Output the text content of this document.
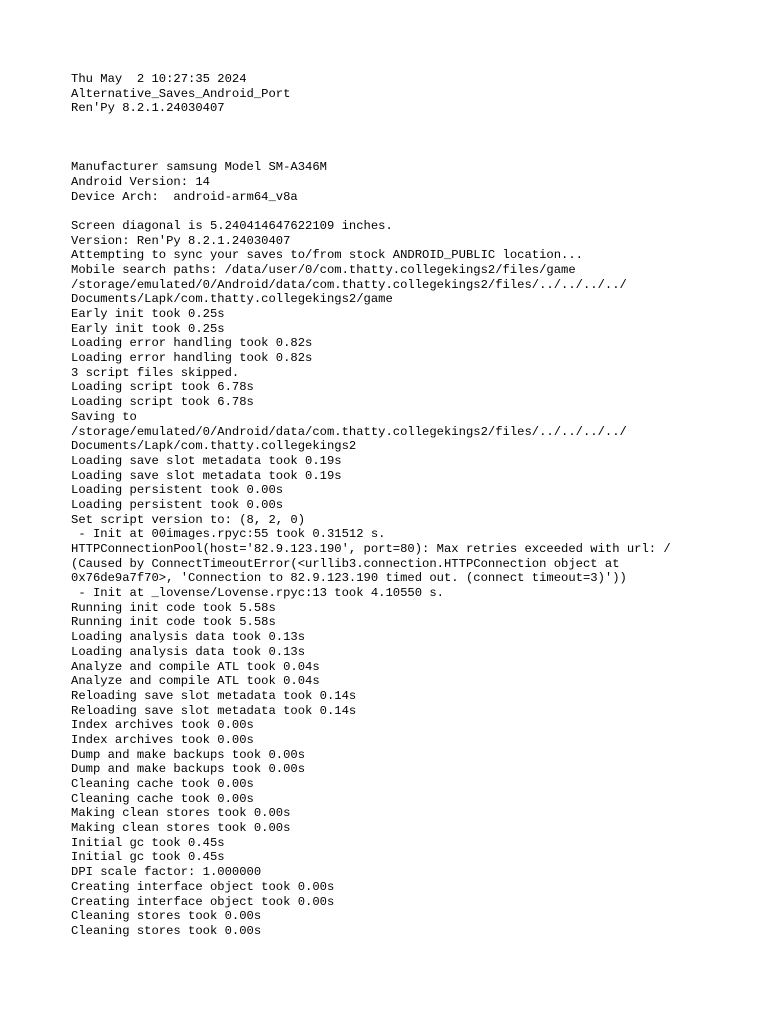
Thu May  2 10:27:35 2024
Alternative_Saves_Android_Port
Ren'Py 8.2.1.24030407
Manufacturer samsung Model SM-A346M
Android Version: 14
Device Arch:  android-arm64_v8a
Screen diagonal is 5.240414647622109 inches.
Version: Ren'Py 8.2.1.24030407
Attempting to sync your saves to/from stock ANDROID_PUBLIC location...
Mobile search paths: /data/user/0/com.thatty.collegekings2/files/game
/storage/emulated/0/Android/data/com.thatty.collegekings2/files/../../../../
Documents/Lapk/com.thatty.collegekings2/game
Early init took 0.25s
Early init took 0.25s
Loading error handling took 0.82s
Loading error handling took 0.82s
3 script files skipped.
Loading script took 6.78s
Loading script took 6.78s
Saving to
/storage/emulated/0/Android/data/com.thatty.collegekings2/files/../../../../
Documents/Lapk/com.thatty.collegekings2
Loading save slot metadata took 0.19s
Loading save slot metadata took 0.19s
Loading persistent took 0.00s
Loading persistent took 0.00s
Set script version to: (8, 2, 0)
- Init at 00images.rpyc:55 took 0.31512 s.
HTTPConnectionPool(host='82.9.123.190', port=80): Max retries exceeded with url: /
(Caused by ConnectTimeoutError(<urllib3.connection.HTTPConnection object at
0x76de9a7f70>, 'Connection to 82.9.123.190 timed out. (connect timeout=3)'))
- Init at _lovense/Lovense.rpyc:13 took 4.10550 s.
Running init code took 5.58s
Running init code took 5.58s
Loading analysis data took 0.13s
Loading analysis data took 0.13s
Analyze and compile ATL took 0.04s
Analyze and compile ATL took 0.04s
Reloading save slot metadata took 0.14s
Reloading save slot metadata took 0.14s
Index archives took 0.00s
Index archives took 0.00s
Dump and make backups took 0.00s
Dump and make backups took 0.00s
Cleaning cache took 0.00s
Cleaning cache took 0.00s
Making clean stores took 0.00s
Making clean stores took 0.00s
Initial gc took 0.45s
Initial gc took 0.45s
DPI scale factor: 1.000000
Creating interface object took 0.00s
Creating interface object took 0.00s
Cleaning stores took 0.00s
Cleaning stores took 0.00s
